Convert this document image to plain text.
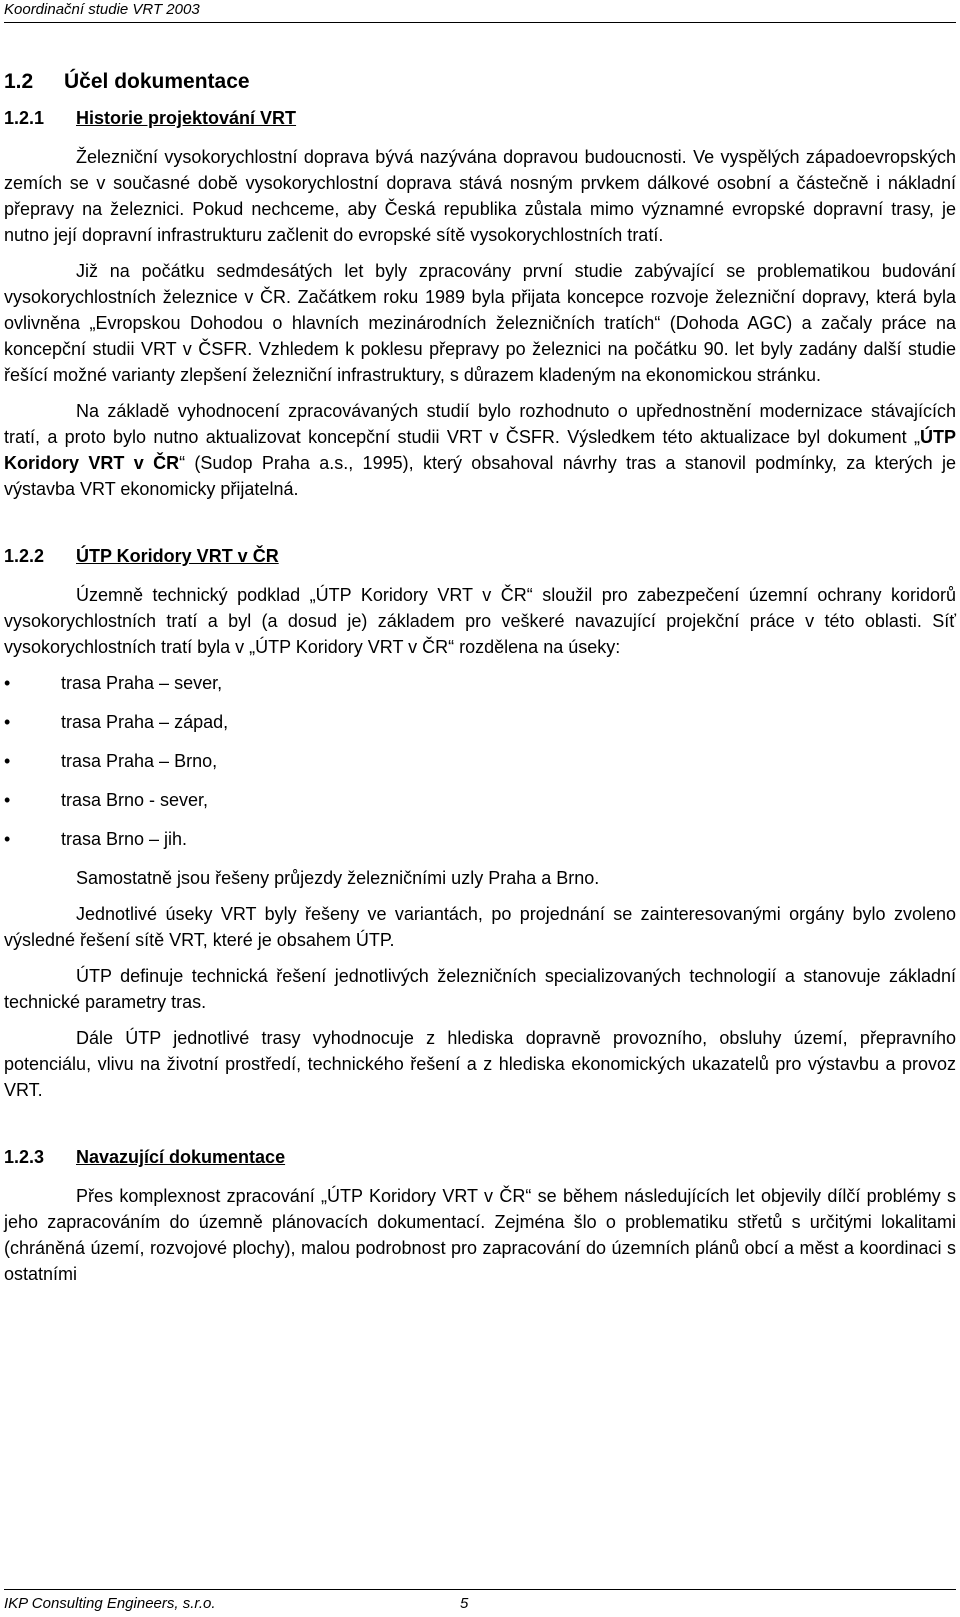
Koordinační studie VRT 2003
1.2 Účel dokumentace
1.2.1 Historie projektování VRT

Železniční vysokorychlostní doprava bývá nazývána dopravou budoucnosti. Ve vyspělých západoevropských zemích se v současné době vysokorychlostní doprava stává nosným prvkem dálkové osobní a částečně i nákladní přepravy na železnici. Pokud nechceme, aby Česká republika zůstala mimo významné evropské dopravní trasy, je nutno její dopravní infrastrukturu začlenit do evropské sítě vysokorychlostních tratí.

Již na počátku sedmdesátých let byly zpracovány první studie zabývající se problematikou budování vysokorychlostních železnice v ČR. Začátkem roku 1989 byla přijata koncepce rozvoje železniční dopravy, která byla ovlivněna „Evropskou Dohodou o hlavních mezinárodních železničních tratích“ (Dohoda AGC) a začaly práce na koncepční studii VRT v ČSFR. Vzhledem k poklesu přepravy po železnici na počátku 90. let byly zadány další studie řešící možné varianty zlepšení železniční infrastruktury, s důrazem kladeným na ekonomickou stránku.

Na základě vyhodnocení zpracovávaných studií bylo rozhodnuto o upřednostnění modernizace stávajících tratí, a proto bylo nutno aktualizovat koncepční studii VRT v ČSFR. Výsledkem této aktualizace byl dokument „ÚTP Koridory VRT v ČR“ (Sudop Praha a.s., 1995), který obsahoval návrhy tras a stanovil podmínky, za kterých je výstavba VRT ekonomicky přijatelná.

1.2.2 ÚTP Koridory VRT v ČR

Územně technický podklad „ÚTP Koridory VRT v ČR“ sloužil pro zabezpečení územní ochrany koridorů vysokorychlostních tratí a byl (a dosud je) základem pro veškeré navazující projekční práce v této oblasti. Síť vysokorychlostních tratí byla v „ÚTP Koridory VRT v ČR“ rozdělena na úseky:

•	trasa Praha – sever,
•	trasa Praha – západ,
•	trasa Praha – Brno,
•	trasa Brno - sever,
•	trasa Brno – jih.

Samostatně jsou řešeny průjezdy železničními uzly Praha a Brno.

Jednotlivé úseky VRT byly řešeny ve variantách, po projednání se zainteresovanými orgány bylo zvoleno výsledné řešení sítě VRT, které je obsahem ÚTP.

ÚTP definuje technická řešení jednotlivých železničních specializovaných technologií a stanovuje základní technické parametry tras.

Dále ÚTP jednotlivé trasy vyhodnocuje z hlediska dopravně provozního, obsluhy území, přepravního potenciálu, vlivu na životní prostředí, technického řešení a z hlediska ekonomických ukazatelů pro výstavbu a provoz VRT.

1.2.3 Navazující dokumentace

Přes komplexnost zpracování „ÚTP Koridory VRT v ČR“ se během následujících let objevily dílčí problémy s jeho zapracováním do územně plánovacích dokumentací. Zejména šlo o problematiku střetů s určitými lokalitami (chráněná území, rozvojové plochy), malou podrobnost pro zapracování do územních plánů obcí a měst a koordinaci s ostatními

IKP Consulting Engineers, s.r.o.	5
